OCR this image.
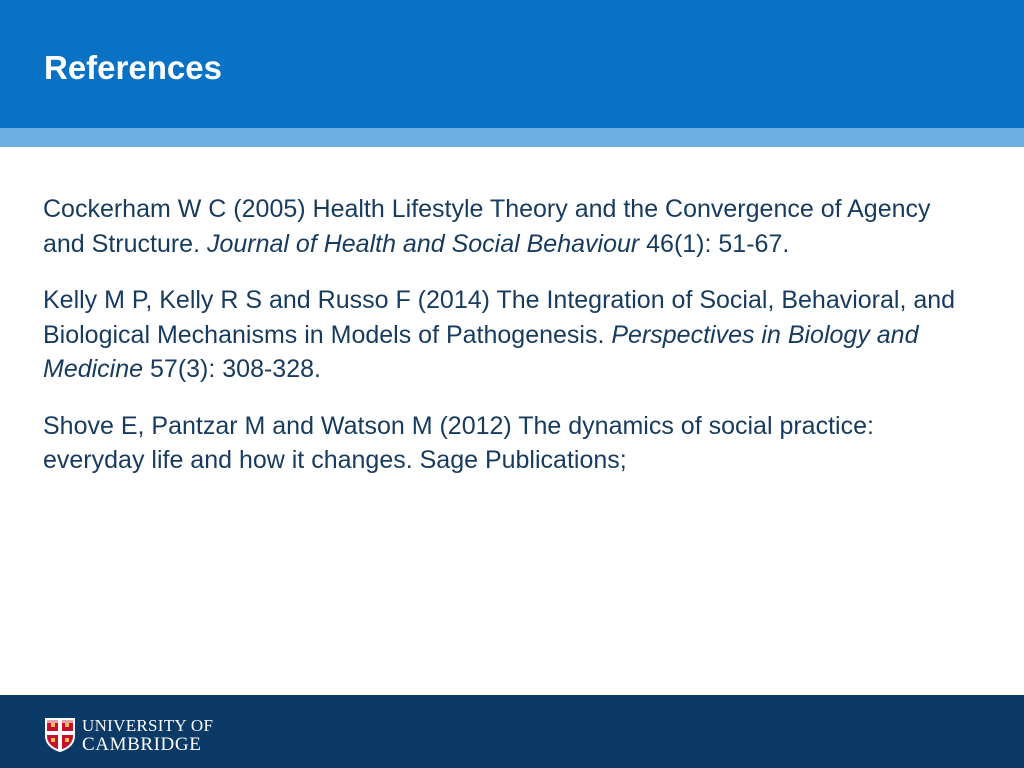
References

Cockerham W C (2005) Health Lifestyle Theory and the Convergence of Agency and Structure. Journal of Health and Social Behaviour 46(1): 51-67.

Kelly M P, Kelly R S and Russo F (2014) The Integration of Social, Behavioral, and Biological Mechanisms in Models of Pathogenesis. Perspectives in Biology and Medicine 57(3): 308-328.

Shove E, Pantzar M and Watson M (2012) The dynamics of social practice: everyday life and how it changes. Sage Publications;

UNIVERSITY OF
CAMBRIDGE
